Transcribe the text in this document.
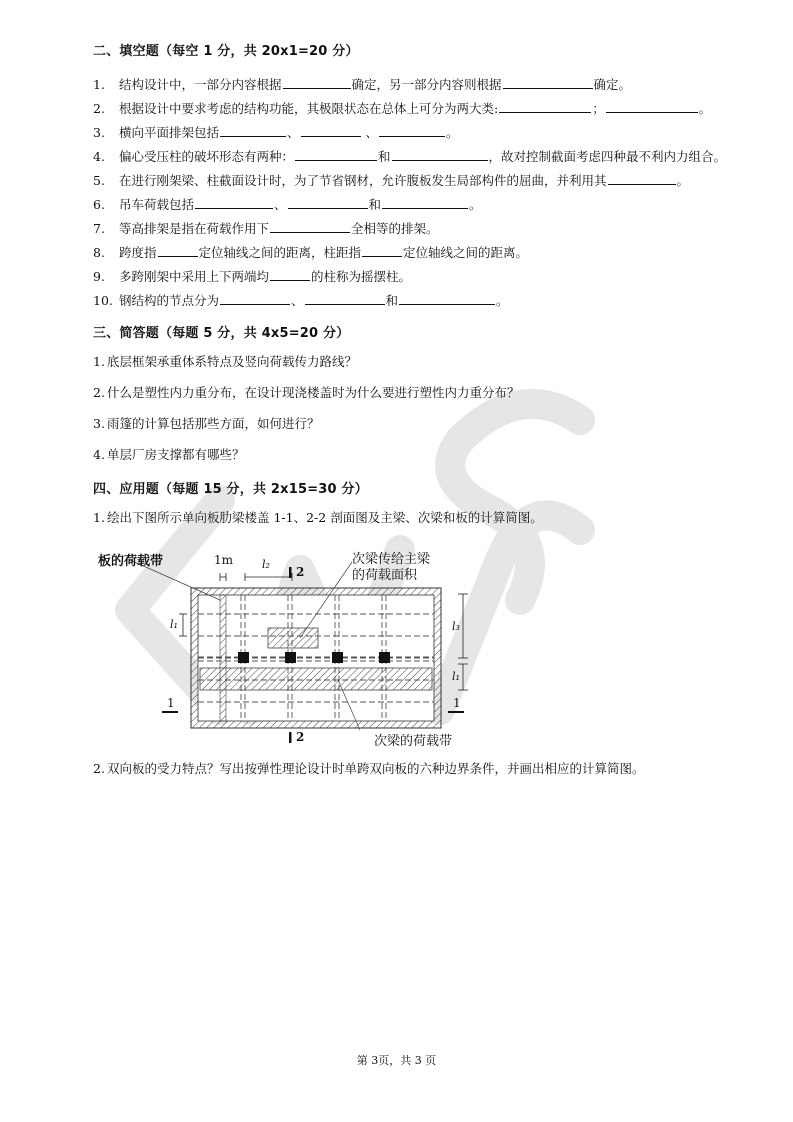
二、填空题（每空 1 分，共 20x1=20 分）
1. 结构设计中，一部分内容根据	确定，另一部分内容则根据	确定。
2. 根据设计中要求考虑的结构功能，其极限状态在总体上可分为两大类:	；	。
3. 横向平面排架包括	、	、	。
4. 偏心受压柱的破坏形态有两种：	和	，故对控制截面考虑四种最不利内力组合。
5. 在进行刚架梁、柱截面设计时，为了节省钢材，允许腹板发生局部构件的屈曲，并利用其	。
6. 吊车荷载包括	、	和	。
7. 等高排架是指在荷载作用下	全相等的排架。
8. 跨度指	定位轴线之间的距离，柱距指	定位轴线之间的距离。
9. 多跨刚架中采用上下两端均	的柱称为摇摆柱。
10. 钢结构的节点分为	、	和	。
三、简答题（每题 5 分，共 4x5=20 分）
1. 底层框架承重体系特点及竖向荷载传力路线？
2. 什么是塑性内力重分布，在设计现浇楼盖时为什么要进行塑性内力重分布？
3. 雨篷的计算包括那些方面，如何进行？
4. 单层厂房支撑都有哪些？
四、应用题（每题 15 分，共 2x15=30 分）
1. 绘出下图所示单向板肋梁楼盖 1-1、2-2 剖面图及主梁、次梁和板的计算简图。
板的荷载带	1m	l₂
2
2
1	1
l₁	l₃
l₁
次梁传给主梁
的荷载面积
次梁的荷载带
2. 双向板的受力特点？写出按弹性理论设计时单跨双向板的六种边界条件，并画出相应的计算简图。
第 3页，共 3 页
